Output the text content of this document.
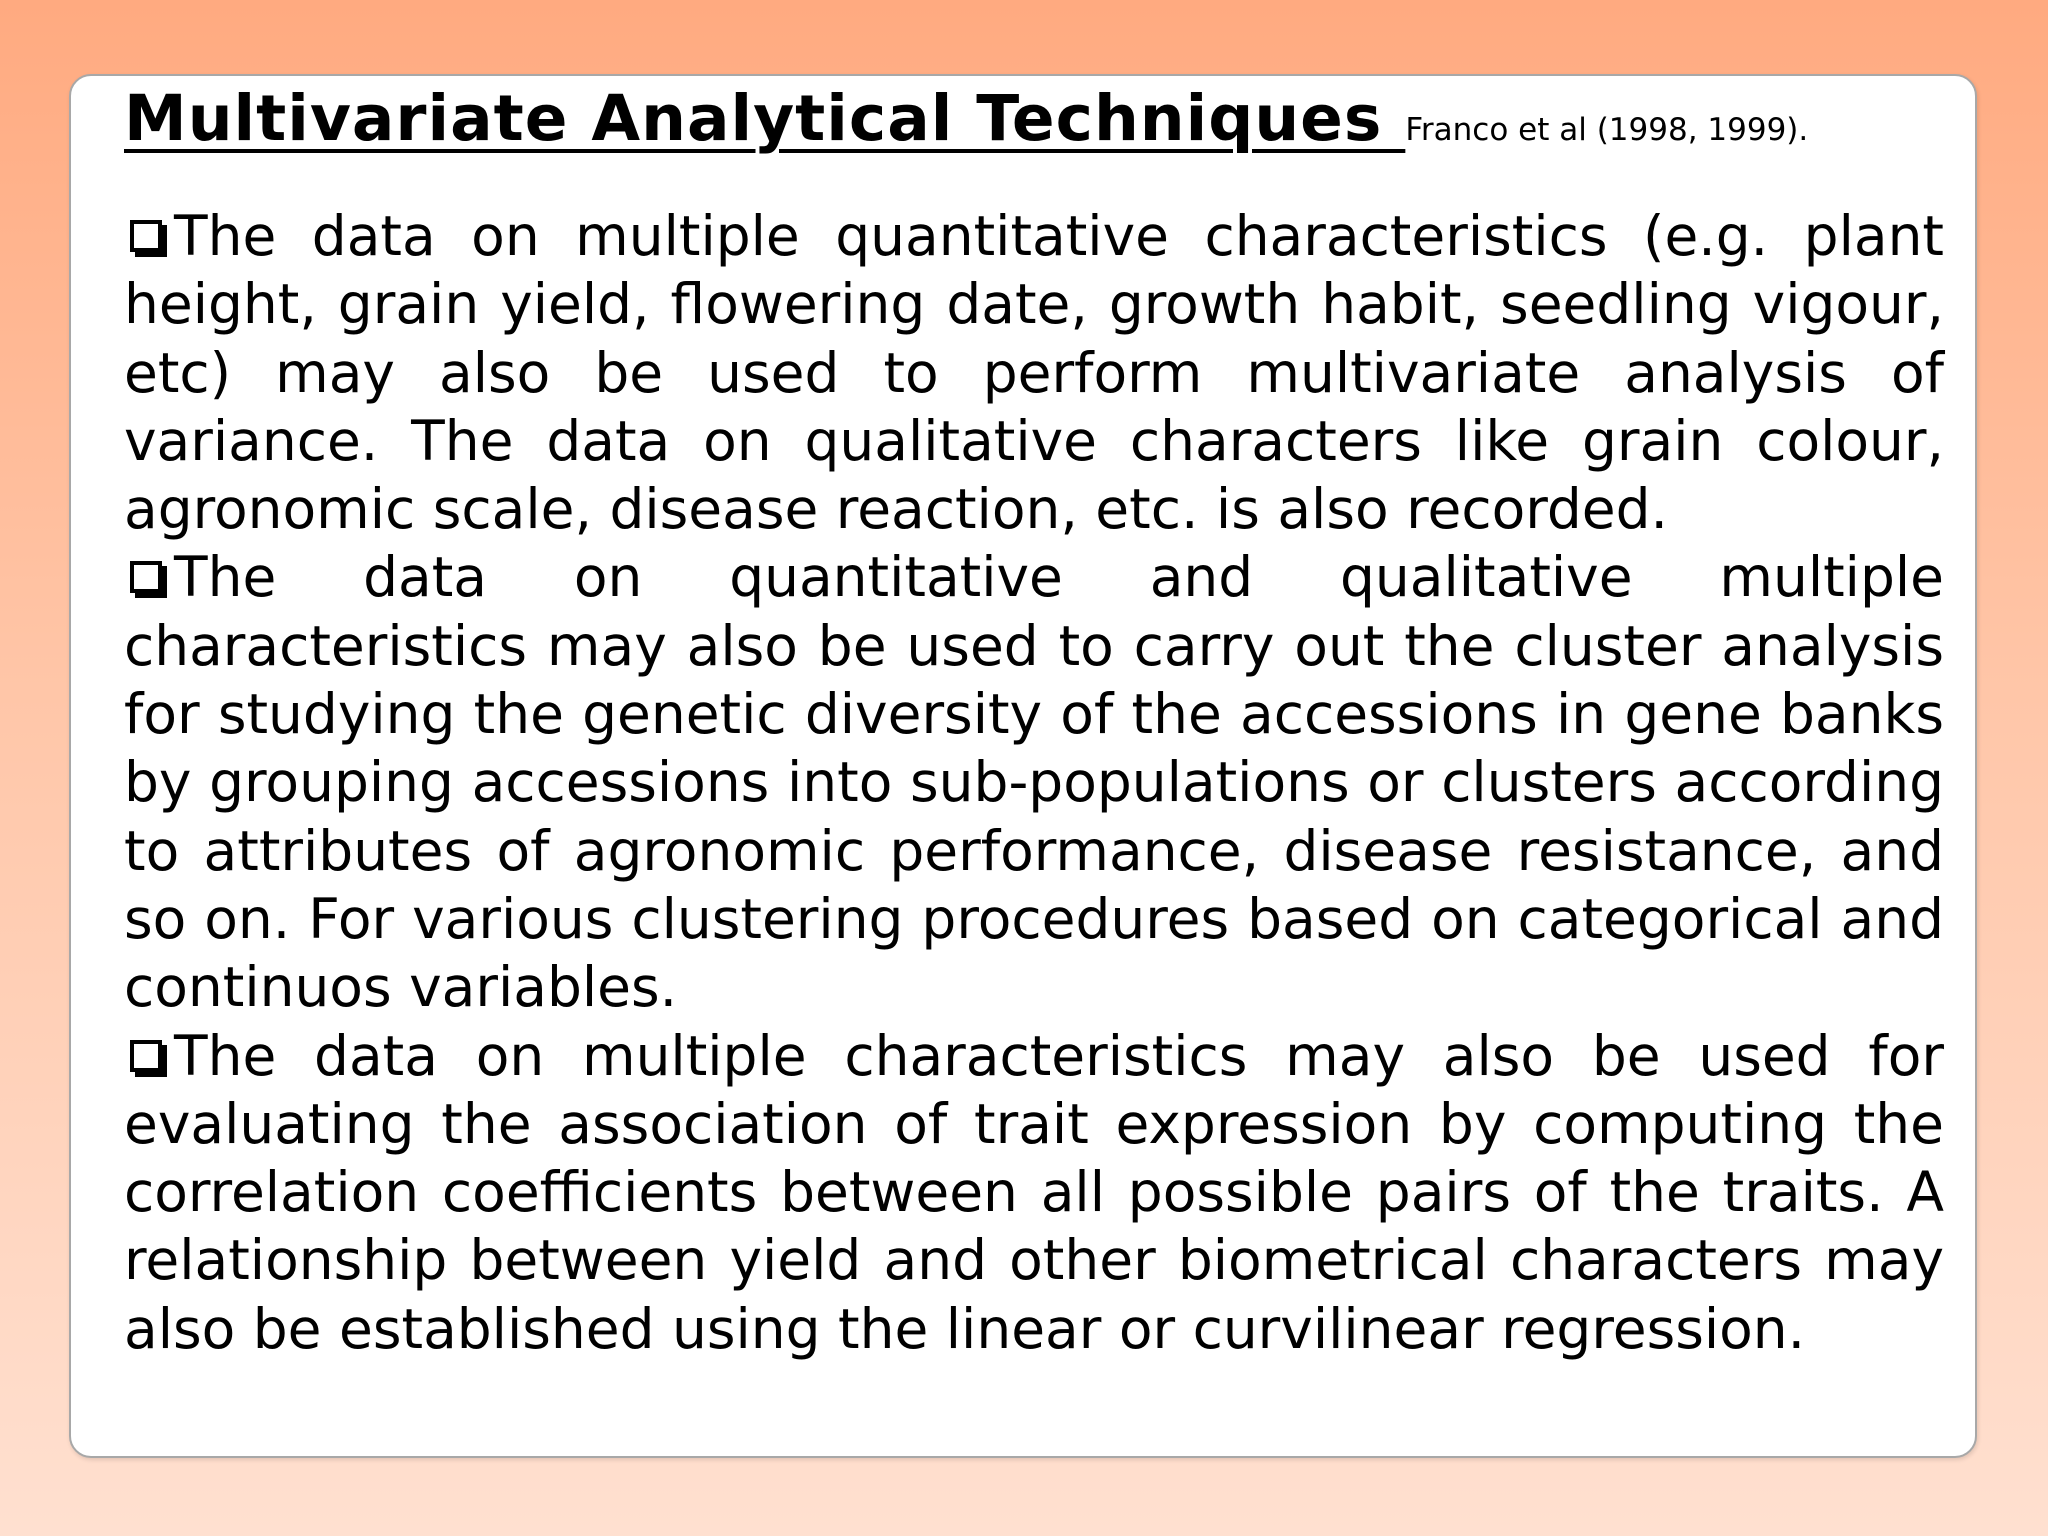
Multivariate Analytical Techniques Franco et al (1998, 1999).

The data on multiple quantitative characteristics (e.g. plant height, grain yield, flowering date, growth habit, seedling vigour, etc) may also be used to perform multivariate analysis of variance. The data on qualitative characters like grain colour, agronomic scale, disease reaction, etc. is also recorded.

The data on quantitative and qualitative multiple characteristics may also be used to carry out the cluster analysis for studying the genetic diversity of the accessions in gene banks by grouping accessions into sub-populations or clusters according to attributes of agronomic performance, disease resistance, and so on. For various clustering procedures based on categorical and continuos variables.

The data on multiple characteristics may also be used for evaluating the association of trait expression by computing the correlation coefficients between all possible pairs of the traits. A relationship between yield and other biometrical characters may also be established using the linear or curvilinear regression.
